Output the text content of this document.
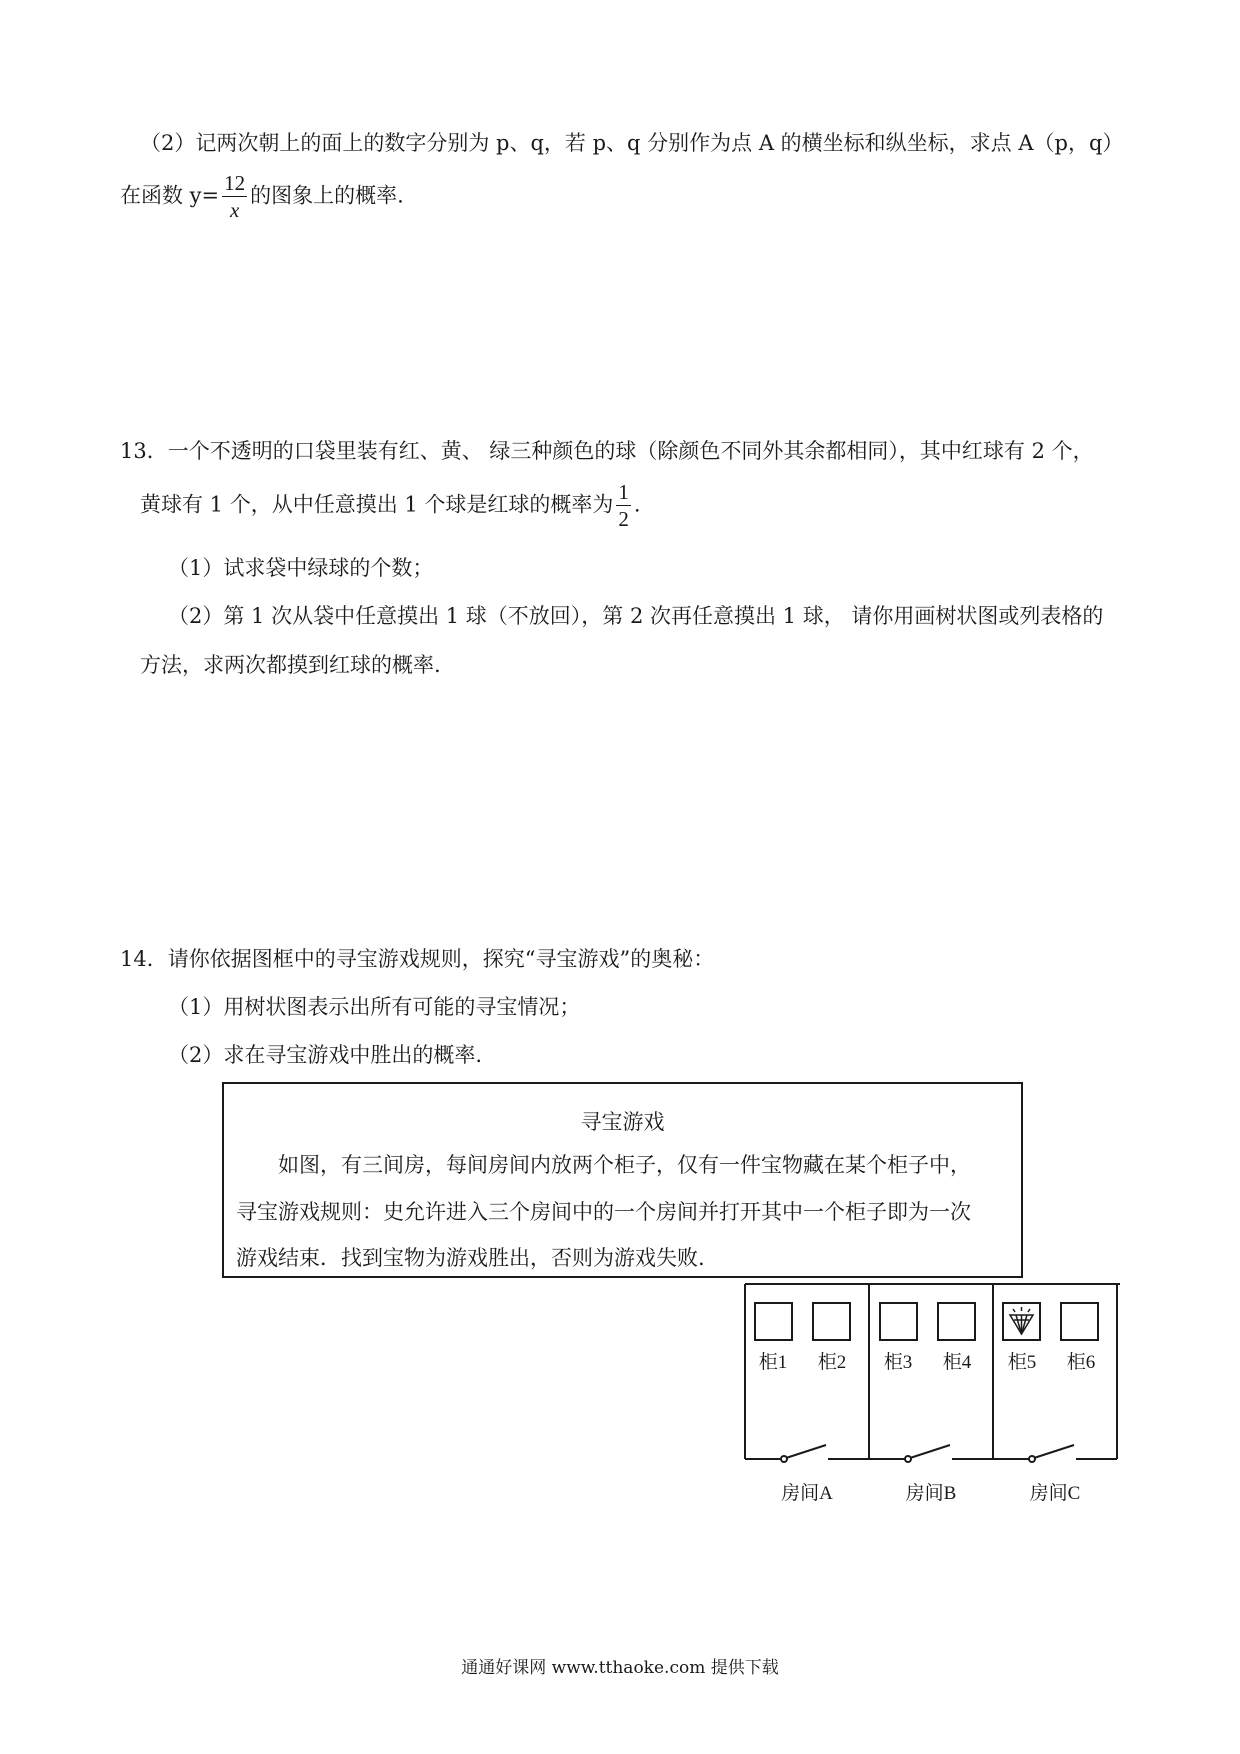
（2）记两次朝上的面上的数字分别为 p、q，若 p、q 分别作为点 A 的横坐标和纵坐标，求点 A（p，q）
在函数 $y= \frac{12}{x}$ 的图象上的概率.
13．一个不透明的口袋里装有红、黄、 绿三种颜色的球（除颜色不同外其余都相同），其中红球有 2 个，
黄球有 1 个，从中任意摸出 1 个球是红球的概率为 $\frac{1}{2}$ .
（1）试求袋中绿球的个数；
（2）第 1 次从袋中任意摸出 1 球（不放回），第 2 次再任意摸出 1 球， 请你用画树状图或列表格的
方法，求两次都摸到红球的概率.
14．请你依据图框中的寻宝游戏规则，探究“寻宝游戏”的奥秘：
（1）用树状图表示出所有可能的寻宝情况；
（2）求在寻宝游戏中胜出的概率.
寻宝游戏
　　如图，有三间房，每间房间内放两个柜子，仅有一件宝物藏在某个柜子中，
寻宝游戏规则：史允许进入三个房间中的一个房间并打开其中一个柜子即为一次
游戏结束．找到宝物为游戏胜出，否则为游戏失败.
柜1 柜2 柜3 柜4 柜5 柜6
房间A	房间B	房间C
通通好课网 www.tthaoke.com 提供下载
